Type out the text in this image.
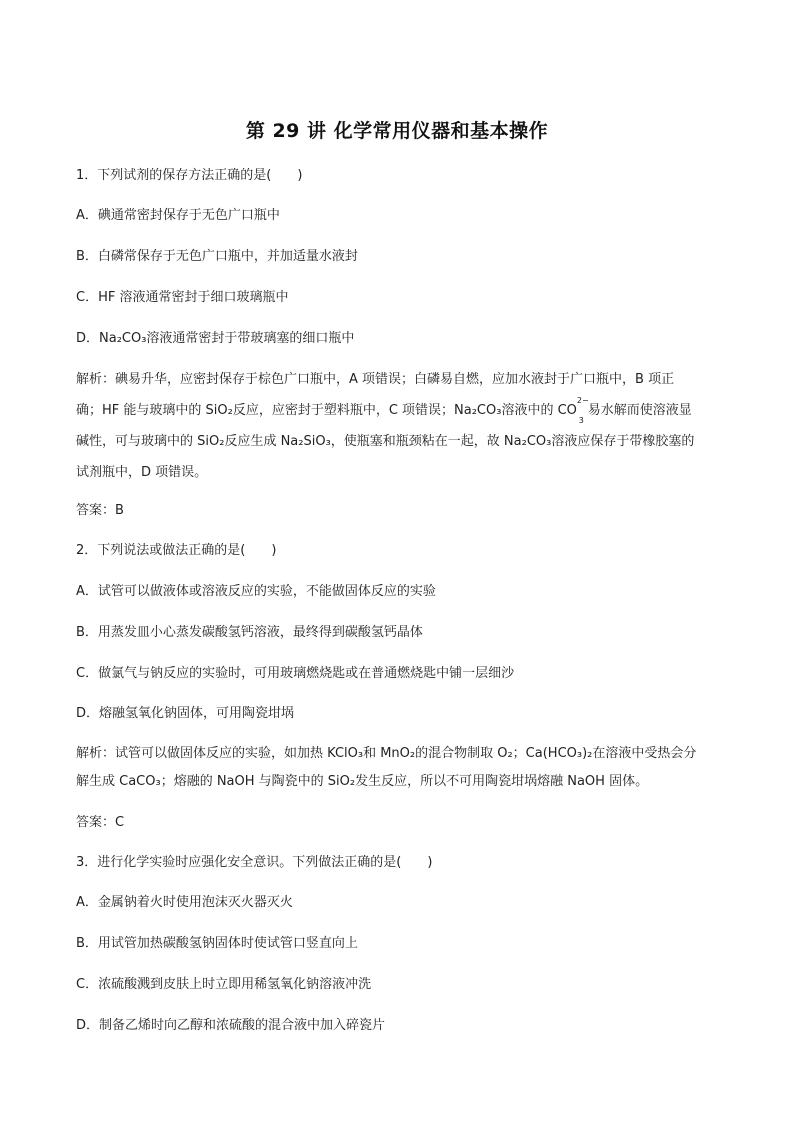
第 29 讲 化学常用仪器和基本操作
1．下列试剂的保存方法正确的是(　　)
A．碘通常密封保存于无色广口瓶中
B．白磷常保存于无色广口瓶中，并加适量水液封
C．HF 溶液通常密封于细口玻璃瓶中
D．Na₂CO₃溶液通常密封于带玻璃塞的细口瓶中
解析：碘易升华，应密封保存于棕色广口瓶中，A 项错误；白磷易自燃，应加水液封于广口瓶中，B 项正
确；HF 能与玻璃中的 SiO₂反应，应密封于塑料瓶中，C 项错误；Na₂CO₃溶液中的 $CO^{2-}_3$易水解而使溶液显
碱性，可与玻璃中的 SiO₂反应生成 Na₂SiO₃，使瓶塞和瓶颈粘在一起，故 Na₂CO₃溶液应保存于带橡胶塞的
试剂瓶中，D 项错误。
答案：B
2．下列说法或做法正确的是(　　)
A．试管可以做液体或溶液反应的实验，不能做固体反应的实验
B．用蒸发皿小心蒸发碳酸氢钙溶液，最终得到碳酸氢钙晶体
C．做氯气与钠反应的实验时，可用玻璃燃烧匙或在普通燃烧匙中铺一层细沙
D．熔融氢氧化钠固体，可用陶瓷坩埚
解析：试管可以做固体反应的实验，如加热 KClO₃和 MnO₂的混合物制取 O₂；Ca(HCO₃)₂在溶液中受热会分
解生成 CaCO₃；熔融的 NaOH 与陶瓷中的 SiO₂发生反应，所以不可用陶瓷坩埚熔融 NaOH 固体。
答案：C
3．进行化学实验时应强化安全意识。下列做法正确的是(　　)
A．金属钠着火时使用泡沫灭火器灭火
B．用试管加热碳酸氢钠固体时使试管口竖直向上
C．浓硫酸溅到皮肤上时立即用稀氢氧化钠溶液冲洗
D．制备乙烯时向乙醇和浓硫酸的混合液中加入碎瓷片
